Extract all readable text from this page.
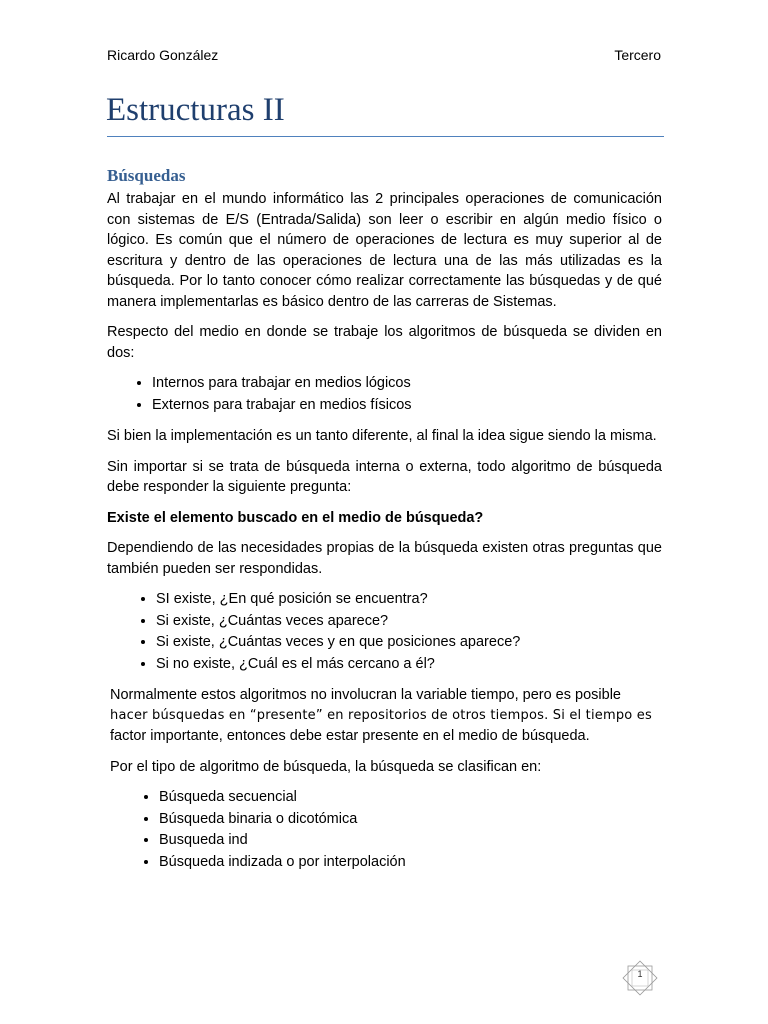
Ricardo González	Tercero
Estructuras II
Búsquedas

Al trabajar en el mundo informático las 2 principales operaciones de comunicación con sistemas de E/S (Entrada/Salida) son leer o escribir en algún medio físico o lógico. Es común que el número de operaciones de lectura es muy superior al de escritura y dentro de las operaciones de lectura una de las más utilizadas es la búsqueda. Por lo tanto conocer cómo realizar correctamente las búsquedas y de qué manera implementarlas es básico dentro de las carreras de Sistemas.

Respecto del medio en donde se trabaje los algoritmos de búsqueda se dividen en dos:

• Internos para trabajar en medios lógicos
• Externos para trabajar en medios físicos

Si bien la implementación es un tanto diferente, al final la idea sigue siendo la misma.

Sin importar si se trata de búsqueda interna o externa, todo algoritmo de búsqueda debe responder la siguiente pregunta:

Existe el elemento buscado en el medio de búsqueda?

Dependiendo de las necesidades propias de la búsqueda existen otras preguntas que también pueden ser respondidas.

• SI existe, ¿En qué posición se encuentra?
• Si existe, ¿Cuántas veces aparece?
• Si existe, ¿Cuántas veces y en que posiciones aparece?
• Si no existe, ¿Cuál es el más cercano a él?

Normalmente estos algoritmos no involucran la variable tiempo, pero es posible

hacer búsquedas en “presente” en repositorios de otros tiempos. Si el tiempo es

factor importante, entonces debe estar presente en el medio de búsqueda.

Por el tipo de algoritmo de búsqueda, la búsqueda se clasifican en:

• Búsqueda secuencial
• Búsqueda binaria o dicotómica
• Busqueda ind
• Búsqueda indizada o por interpolación
1
